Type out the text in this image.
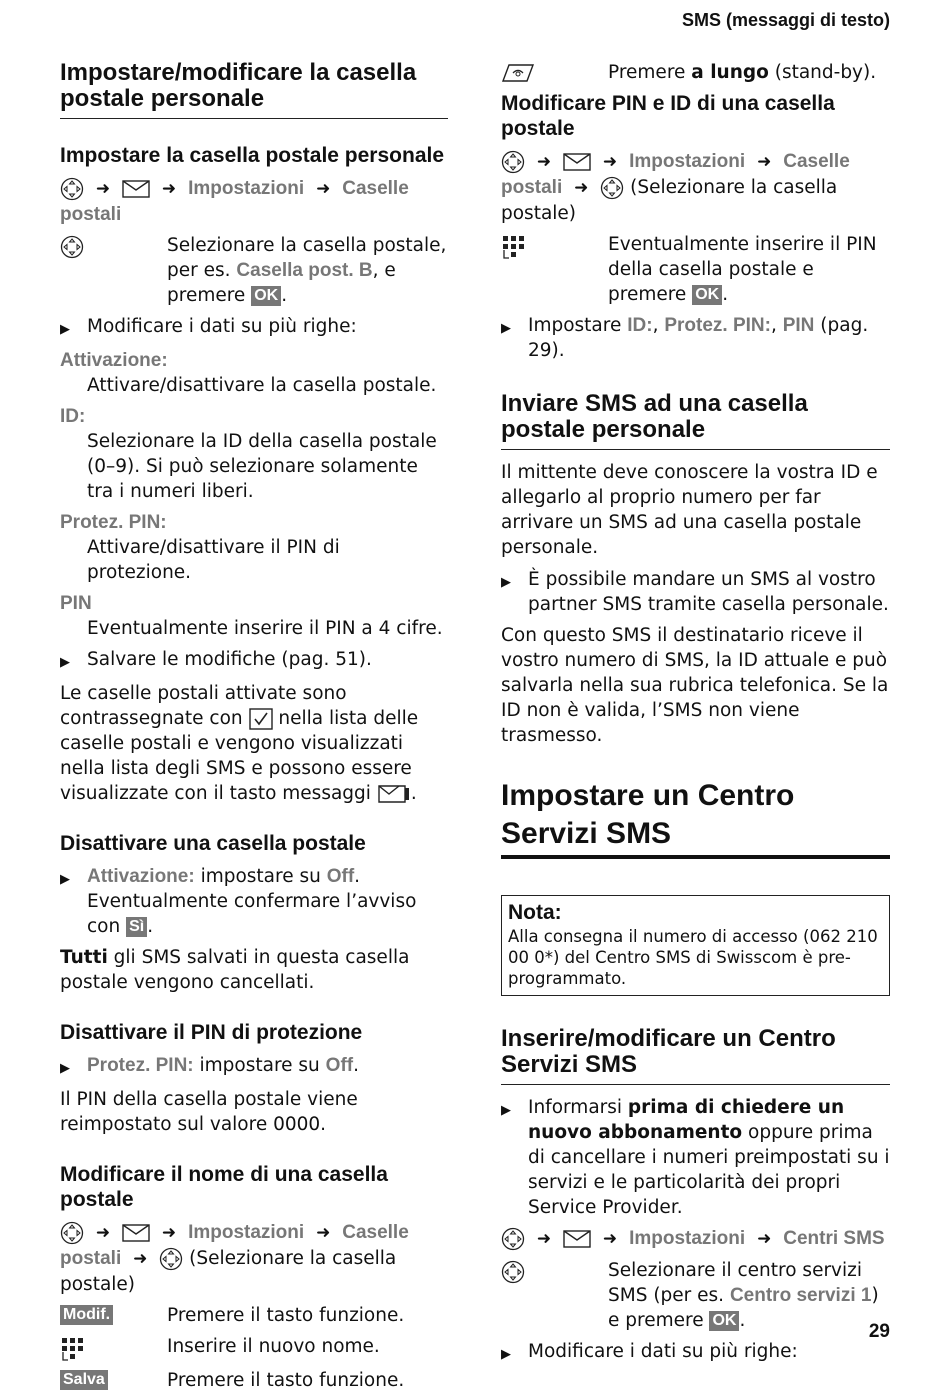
SMS (messaggi di testo)
Impostare/modificare la casella postale personale
Impostare la casella postale personale
➜	➜ Impostazioni ➜ Caselle postali
Selezionare la casella postale, per es. Casella post. B, e premere OK .
▶ Modificare i dati su più righe:
Attivazione:
Attivare/disattivare la casella postale.
ID:
Selezionare la ID della casella postale (0–9). Si può selezionare solamente tra i numeri liberi.
Protez. PIN:
Attivare/disattivare il PIN di protezione.
PIN
Eventualmente inserire il PIN a 4 cifre.
▶ Salvare le modifiche (pag. 51).

Le caselle postali attivate sono contrassegnate con nella lista delle caselle postali e vengono visualizzati nella lista degli SMS e possono essere visualizzate con il tasto messaggi .

Disattivare una casella postale
▶ Attivazione: impostare su Off. Eventualmente confermare l’avviso con Sì .

Tutti gli SMS salvati in questa casella postale vengono cancellati.

Disattivare il PIN di protezione
▶ Protez. PIN: impostare su Off.

Il PIN della casella postale viene reimpostato sul valore 0000.

Modificare il nome di una casella postale
➜	➜ Impostazioni ➜ Caselle postali ➜ (Selezionare la casella postale)
Modif.	Premere il tasto funzione.
Inserire il nuovo nome.
Salva	Premere il tasto funzione.
Premere a lungo (stand-by).
Modificare PIN e ID di una casella postale
➜	➜ Impostazioni ➜ Caselle postali ➜ (Selezionare la casella postale)
Eventualmente inserire il PIN della casella postale e premere OK .
▶ Impostare ID:, Protez. PIN:, PIN (pag. 29).
Inviare SMS ad una casella postale personale

Il mittente deve conoscere la vostra ID e allegarlo al proprio numero per far arrivare un SMS ad una casella postale personale.

▶ È possibile mandare un SMS al vostro partner SMS tramite casella personale.

Con questo SMS il destinatario riceve il vostro numero di SMS, la ID attuale e può salvarla nella sua rubrica telefonica. Se la ID non è valida, l’SMS non viene trasmesso.

Impostare un Centro Servizi SMS
Nota:
Alla consegna il numero di accesso (062 210 00 0*) del Centro SMS di Swisscom è pre-programmato.
Inserire/modificare un Centro Servizi SMS
▶ Informarsi prima di chiedere un nuovo abbonamento oppure prima di cancellare i numeri preimpostati su i servizi e le particolarità dei propri Service Provider.
➜	➜ Impostazioni ➜ Centri SMS
Selezionare il centro servizi SMS (per es. Centro servizi 1) e premere OK .
▶ Modificare i dati su più righe:
29
